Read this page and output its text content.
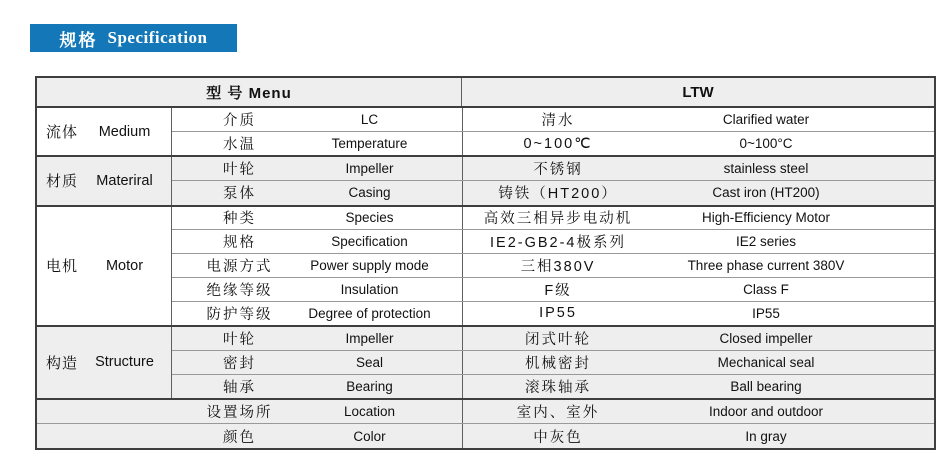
规格 Specification
型 号 Menu	LTW
流体	Medium
介质	LC	清水	Clarified water
水温	Temperature	0~100℃	0~100°C
材质	Materiral
叶轮	Impeller	不锈钢	stainless steel
泵体	Casing	铸铁（HT200）	Cast iron (HT200)
电机	Motor
种类	Species	高效三相异步电动机	High-Efficiency Motor
规格	Specification	IE2-GB2-4极系列	IE2 series
电源方式	Power supply mode	三相380V	Three phase current 380V
绝缘等级	Insulation	F级	Class F
防护等级	Degree of protection	IP55	IP55
构造	Structure
叶轮	Impeller	闭式叶轮	Closed impeller
密封	Seal	机械密封	Mechanical seal
轴承	Bearing	滚珠轴承	Ball bearing
设置场所	Location	室内、室外	Indoor and outdoor
颜色	Color	中灰色	In gray
